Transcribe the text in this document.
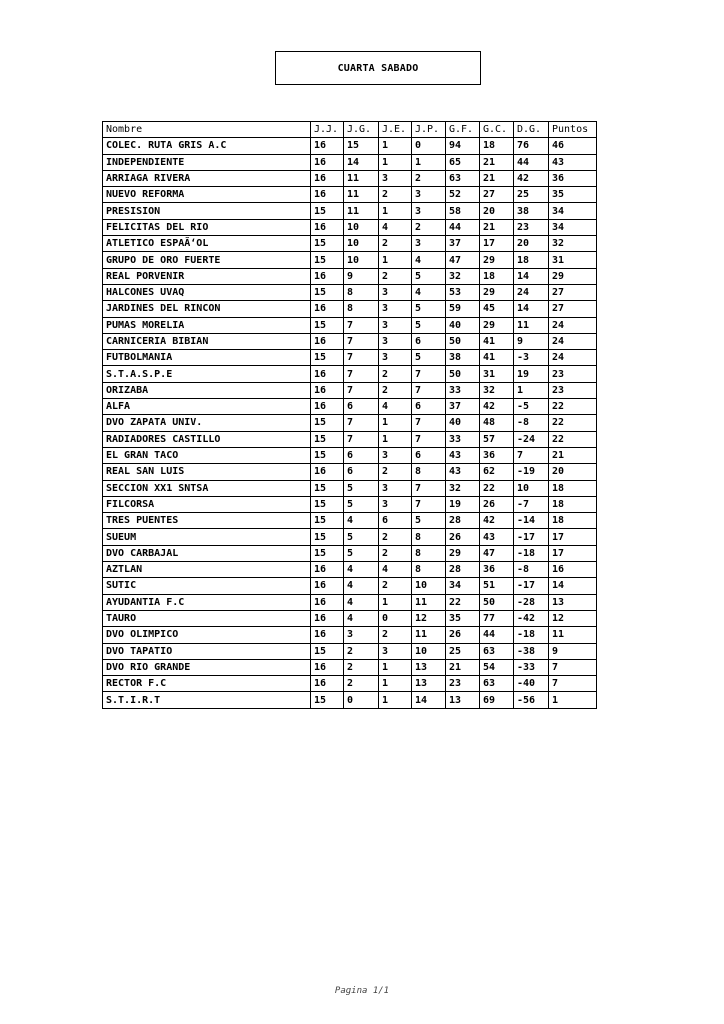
CUARTA SABADO
Nombre	J.J.	J.G.	J.E.	J.P.	G.F.	G.C.	D.G.	Puntos
COLEC. RUTA GRIS A.C	16	15	1	0	94	18	76	46
INDEPENDIENTE	16	14	1	1	65	21	44	43
ARRIAGA RIVERA	16	11	3	2	63	21	42	36
NUEVO REFORMA	16	11	2	3	52	27	25	35
PRESISION	15	11	1	3	58	20	38	34
FELICITAS DEL RIO	16	10	4	2	44	21	23	34
ATLETICO ESPAÃ‘OL	15	10	2	3	37	17	20	32
GRUPO DE ORO FUERTE	15	10	1	4	47	29	18	31
REAL PORVENIR	16	9	2	5	32	18	14	29
HALCONES UVAQ	15	8	3	4	53	29	24	27
JARDINES DEL RINCON	16	8	3	5	59	45	14	27
PUMAS MORELIA	15	7	3	5	40	29	11	24
CARNICERIA BIBIAN	16	7	3	6	50	41	9	24
FUTBOLMANIA	15	7	3	5	38	41	-3	24
S.T.A.S.P.E	16	7	2	7	50	31	19	23
ORIZABA	16	7	2	7	33	32	1	23
ALFA	16	6	4	6	37	42	-5	22
DVO ZAPATA UNIV.	15	7	1	7	40	48	-8	22
RADIADORES CASTILLO	15	7	1	7	33	57	-24	22
EL GRAN TACO	15	6	3	6	43	36	7	21
REAL SAN LUIS	16	6	2	8	43	62	-19	20
SECCION XX1 SNTSA	15	5	3	7	32	22	10	18
FILCORSA	15	5	3	7	19	26	-7	18
TRES PUENTES	15	4	6	5	28	42	-14	18
SUEUM	15	5	2	8	26	43	-17	17
DVO CARBAJAL	15	5	2	8	29	47	-18	17
AZTLAN	16	4	4	8	28	36	-8	16
SUTIC	16	4	2	10	34	51	-17	14
AYUDANTIA F.C	16	4	1	11	22	50	-28	13
TAURO	16	4	0	12	35	77	-42	12
DVO OLIMPICO	16	3	2	11	26	44	-18	11
DVO TAPATIO	15	2	3	10	25	63	-38	9
DVO RIO GRANDE	16	2	1	13	21	54	-33	7
RECTOR F.C	16	2	1	13	23	63	-40	7
S.T.I.R.T	15	0	1	14	13	69	-56	1
Pagina 1/1
